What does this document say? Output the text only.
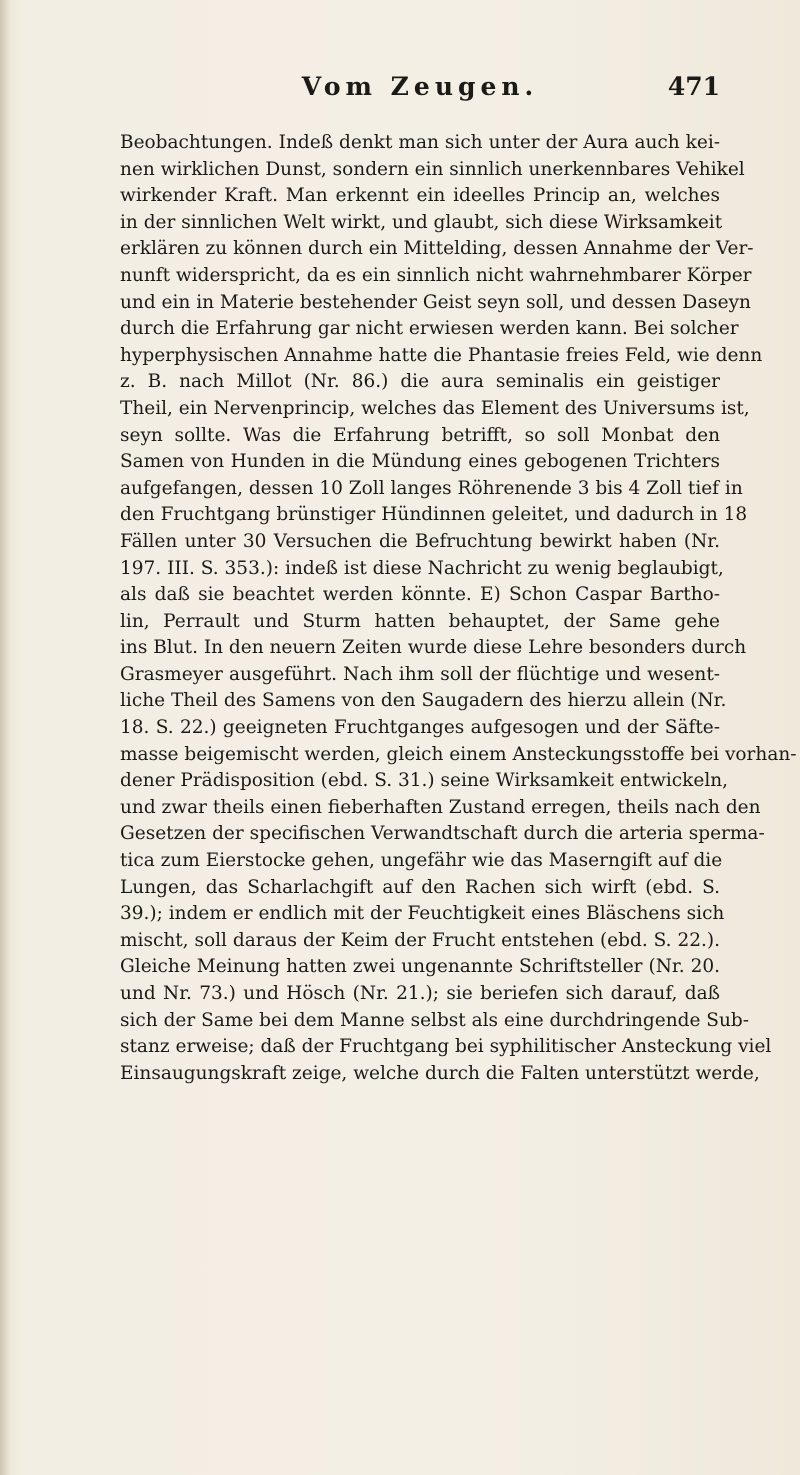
Vom Zeugen.	471
Beobachtungen. Indeß denkt man sich unter der Aura auch kei-
nen wirklichen Dunst, sondern ein sinnlich unerkennbares Vehikel
wirkender Kraft. Man erkennt ein ideelles Princip an, welches
in der sinnlichen Welt wirkt, und glaubt, sich diese Wirksamkeit
erklären zu können durch ein Mittelding, dessen Annahme der Ver-
nunft widerspricht, da es ein sinnlich nicht wahrnehmbarer Körper
und ein in Materie bestehender Geist seyn soll, und dessen Daseyn
durch die Erfahrung gar nicht erwiesen werden kann. Bei solcher
hyperphysischen Annahme hatte die Phantasie freies Feld, wie denn
z. B. nach Millot (Nr. 86.) die aura seminalis ein geistiger
Theil, ein Nervenprincip, welches das Element des Universums ist,
seyn sollte. Was die Erfahrung betrifft, so soll Monbat den
Samen von Hunden in die Mündung eines gebogenen Trichters
aufgefangen, dessen 10 Zoll langes Röhrenende 3 bis 4 Zoll tief in
den Fruchtgang brünstiger Hündinnen geleitet, und dadurch in 18
Fällen unter 30 Versuchen die Befruchtung bewirkt haben (Nr.
197. III. S. 353.): indeß ist diese Nachricht zu wenig beglaubigt,
als daß sie beachtet werden könnte. E) Schon Caspar Bartho-
lin, Perrault und Sturm hatten behauptet, der Same gehe
ins Blut. In den neuern Zeiten wurde diese Lehre besonders durch
Grasmeyer ausgeführt. Nach ihm soll der flüchtige und wesent-
liche Theil des Samens von den Saugadern des hierzu allein (Nr.
18. S. 22.) geeigneten Fruchtganges aufgesogen und der Säfte-
masse beigemischt werden, gleich einem Ansteckungsstoffe bei vorhan-
dener Prädisposition (ebd. S. 31.) seine Wirksamkeit entwickeln,
und zwar theils einen fieberhaften Zustand erregen, theils nach den
Gesetzen der specifischen Verwandtschaft durch die arteria sperma-
tica zum Eierstocke gehen, ungefähr wie das Maserngift auf die
Lungen, das Scharlachgift auf den Rachen sich wirft (ebd. S.
39.); indem er endlich mit der Feuchtigkeit eines Bläschens sich
mischt, soll daraus der Keim der Frucht entstehen (ebd. S. 22.).
Gleiche Meinung hatten zwei ungenannte Schriftsteller (Nr. 20.
und Nr. 73.) und Hösch (Nr. 21.); sie beriefen sich darauf, daß
sich der Same bei dem Manne selbst als eine durchdringende Sub-
stanz erweise; daß der Fruchtgang bei syphilitischer Ansteckung viel
Einsaugungskraft zeige, welche durch die Falten unterstützt werde,
